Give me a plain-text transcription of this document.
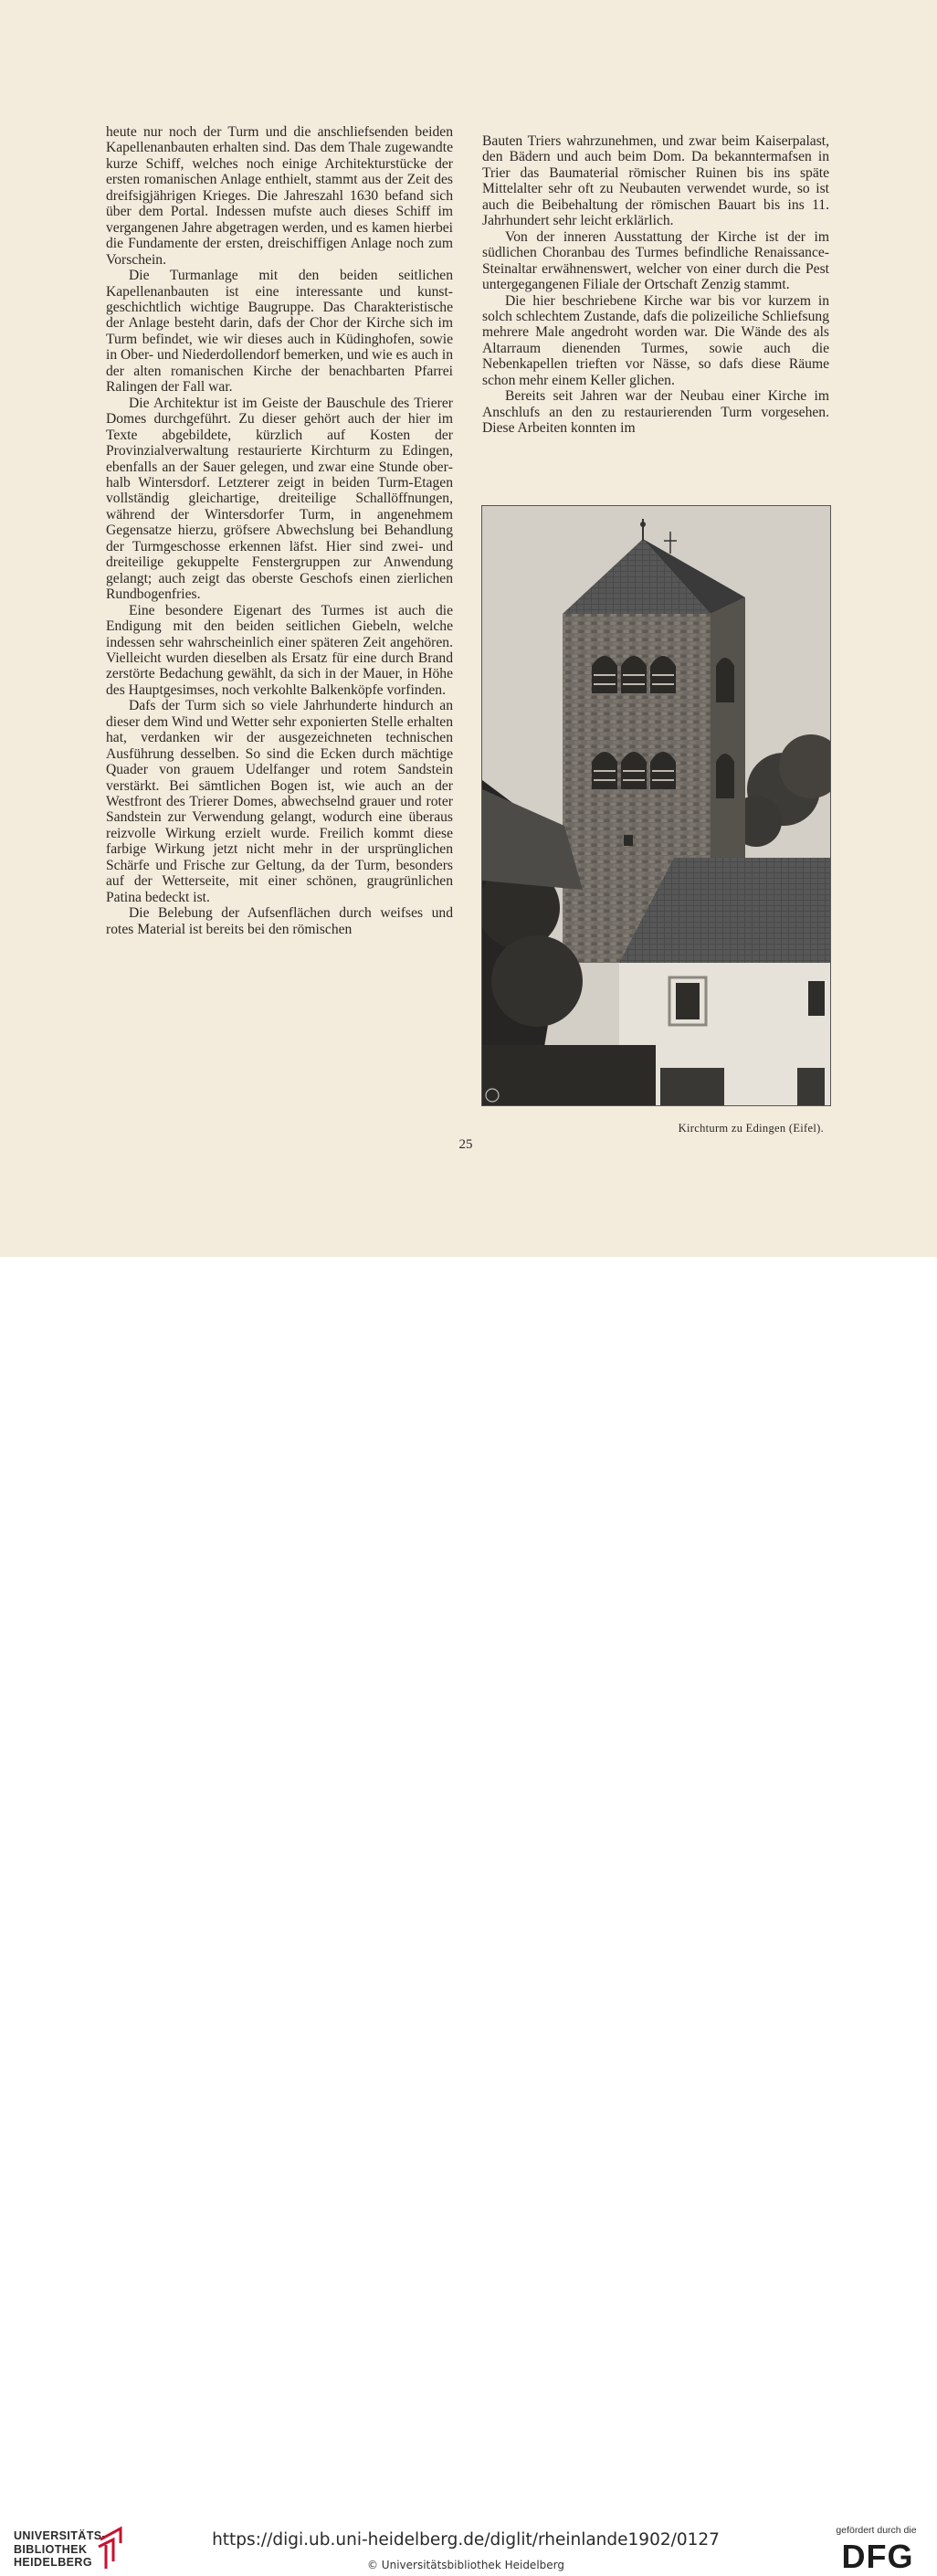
heute nur noch der Turm und die anschliefsenden beiden Kapellenanbauten erhalten sind. Das dem Thale zugewandte kurze Schiff, welches noch einige Architekturstücke der ersten romanischen Anlage enthielt, stammt aus der Zeit des dreifsigjährigen Krieges. Die Jahreszahl 1630 befand sich über dem Portal. Indessen mufste auch dieses Schiff im vergangenen Jahre abgetragen werden, und es kamen hierbei die Fundamente der ersten, dreischiffigen Anlage noch zum Vorschein.

Die Turmanlage mit den beiden seitlichen Kapellenanbauten ist eine interessante und kunstgeschichtlich wichtige Baugruppe. Das Charakteristische der Anlage besteht darin, dafs der Chor der Kirche sich im Turm befindet, wie wir dieses auch in Küdinghofen, sowie in Ober- und Niederdollendorf bemerken, und wie es auch in der alten romanischen Kirche der benachbarten Pfarrei Ralingen der Fall war.

Die Architektur ist im Geiste der Bauschule des Trierer Domes durchgeführt. Zu dieser gehört auch der hier im Texte abgebildete, kürzlich auf Kosten der Provinzialverwaltung restaurierte Kirchturm zu Edingen, ebenfalls an der Sauer gelegen, und zwar eine Stunde oberhalb Wintersdorf. Letzterer zeigt in beiden Turm-Etagen vollständig gleichartige, dreiteilige Schallöffnungen, während der Wintersdorfer Turm, in angenehmem Gegensatze hierzu, gröfsere Abwechslung bei Behandlung der Turmgeschosse erkennen läfst. Hier sind zwei- und dreiteilige gekuppelte Fenstergruppen zur Anwendung gelangt; auch zeigt das oberste Geschofs einen zierlichen Rundbogenfries.

Eine besondere Eigenart des Turmes ist auch die Endigung mit den beiden seitlichen Giebeln, welche indessen sehr wahrscheinlich einer späteren Zeit angehören. Vielleicht wurden dieselben als Ersatz für eine durch Brand zerstörte Bedachung gewählt, da sich in der Mauer, in Höhe des Hauptgesimses, noch verkohlte Balkenköpfe vorfinden.

Dafs der Turm sich so viele Jahrhunderte hindurch an dieser dem Wind und Wetter sehr exponierten Stelle erhalten hat, verdanken wir der ausgezeichneten technischen Ausführung desselben. So sind die Ecken durch mächtige Quader von grauem Udelfanger und rotem Sandstein verstärkt. Bei sämtlichen Bogen ist, wie auch an der Westfront des Trierer Domes, abwechselnd grauer und roter Sandstein zur Verwendung gelangt, wodurch eine überaus reizvolle Wirkung erzielt wurde. Freilich kommt diese farbige Wirkung jetzt nicht mehr in der ursprünglichen Schärfe und Frische zur Geltung, da der Turm, besonders auf der Wetterseite, mit einer schönen, graugrünlichen Patina bedeckt ist.

Die Belebung der Aufsenflächen durch weifses und rotes Material ist bereits bei den römischen

Bauten Triers wahrzunehmen, und zwar beim Kaiserpalast, den Bädern und auch beim Dom. Da bekanntermafsen in Trier das Baumaterial römischer Ruinen bis ins späte Mittelalter sehr oft zu Neubauten verwendet wurde, so ist auch die Beibehaltung der römischen Bauart bis ins 11. Jahrhundert sehr leicht erklärlich.

Von der inneren Ausstattung der Kirche ist der im südlichen Choranbau des Turmes befindliche Renaissance-Steinaltar erwähnenswert, welcher von einer durch die Pest untergegangenen Filiale der Ortschaft Zenzig stammt.

Die hier beschriebene Kirche war bis vor kurzem in solch schlechtem Zustande, dafs die polizeiliche Schliefsung mehrere Male angedroht worden war. Die Wände des als Altarraum dienenden Turmes, sowie auch die Nebenkapellen trieften vor Nässe, so dafs diese Räume schon mehr einem Keller glichen.

Bereits seit Jahren war der Neubau einer Kirche im Anschlufs an den zu restaurierenden Turm vorgesehen. Diese Arbeiten konnten im

Kirchturm zu Edingen (Eifel).
25
UNIVERSITÄTS-
BIBLIOTHEK
HEIDELBERG
https://digi.ub.uni-heidelberg.de/diglit/rheinlande1902/0127
© Universitätsbibliothek Heidelberg
gefördert durch die
DFG
